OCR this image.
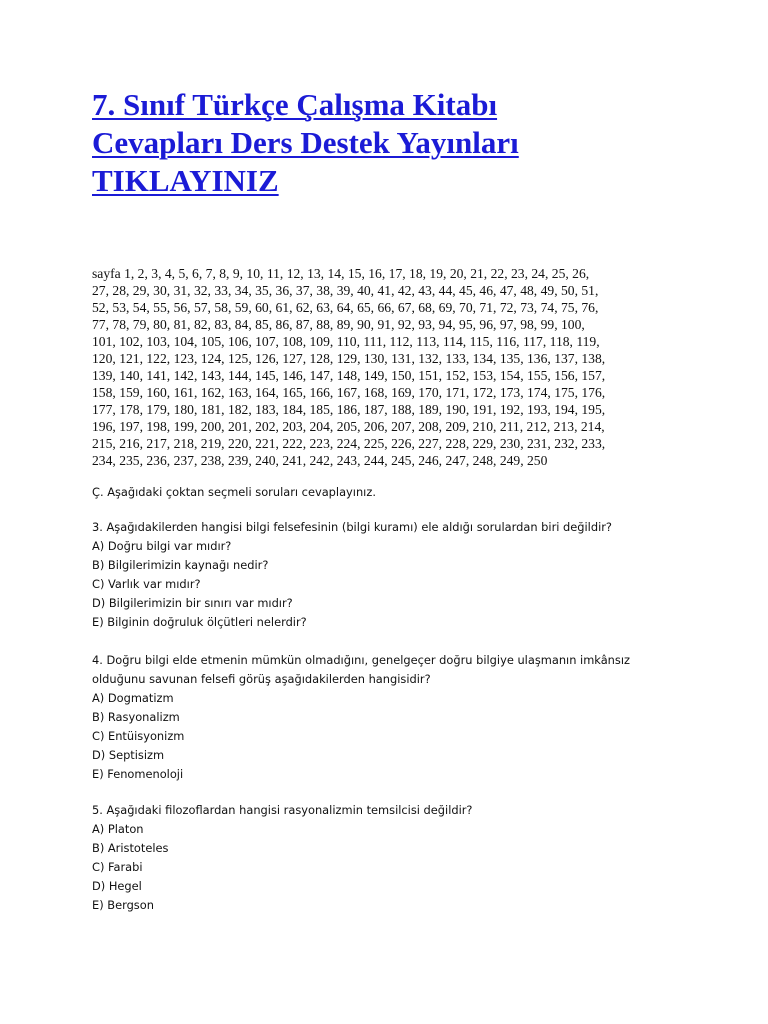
7. Sınıf Türkçe Çalışma Kitabı
Cevapları Ders Destek Yayınları
TIKLAYINIZ
sayfa 1, 2, 3, 4, 5, 6, 7, 8, 9, 10, 11, 12, 13, 14, 15, 16, 17, 18, 19, 20, 21, 22, 23, 24, 25, 26,
27, 28, 29, 30, 31, 32, 33, 34, 35, 36, 37, 38, 39, 40, 41, 42, 43, 44, 45, 46, 47, 48, 49, 50, 51,
52, 53, 54, 55, 56, 57, 58, 59, 60, 61, 62, 63, 64, 65, 66, 67, 68, 69, 70, 71, 72, 73, 74, 75, 76,
77, 78, 79, 80, 81, 82, 83, 84, 85, 86, 87, 88, 89, 90, 91, 92, 93, 94, 95, 96, 97, 98, 99, 100,
101, 102, 103, 104, 105, 106, 107, 108, 109, 110, 111, 112, 113, 114, 115, 116, 117, 118, 119,
120, 121, 122, 123, 124, 125, 126, 127, 128, 129, 130, 131, 132, 133, 134, 135, 136, 137, 138,
139, 140, 141, 142, 143, 144, 145, 146, 147, 148, 149, 150, 151, 152, 153, 154, 155, 156, 157,
158, 159, 160, 161, 162, 163, 164, 165, 166, 167, 168, 169, 170, 171, 172, 173, 174, 175, 176,
177, 178, 179, 180, 181, 182, 183, 184, 185, 186, 187, 188, 189, 190, 191, 192, 193, 194, 195,
196, 197, 198, 199, 200, 201, 202, 203, 204, 205, 206, 207, 208, 209, 210, 211, 212, 213, 214,
215, 216, 217, 218, 219, 220, 221, 222, 223, 224, 225, 226, 227, 228, 229, 230, 231, 232, 233,
234, 235, 236, 237, 238, 239, 240, 241, 242, 243, 244, 245, 246, 247, 248, 249, 250
Ç. Aşağıdaki çoktan seçmeli soruları cevaplayınız.
3. Aşağıdakilerden hangisi bilgi felsefesinin (bilgi kuramı) ele aldığı sorulardan biri değildir?
A) Doğru bilgi var mıdır?
B) Bilgilerimizin kaynağı nedir?
C) Varlık var mıdır?
D) Bilgilerimizin bir sınırı var mıdır?
E) Bilginin doğruluk ölçütleri nelerdir?
4. Doğru bilgi elde etmenin mümkün olmadığını, genelgeçer doğru bilgiye ulaşmanın imkânsız
olduğunu savunan felsefi görüş aşağıdakilerden hangisidir?
A) Dogmatizm
B) Rasyonalizm
C) Entüisyonizm
D) Septisizm
E) Fenomenoloji
5. Aşağıdaki filozoflardan hangisi rasyonalizmin temsilcisi değildir?
A) Platon
B) Aristoteles
C) Farabi
D) Hegel
E) Bergson
